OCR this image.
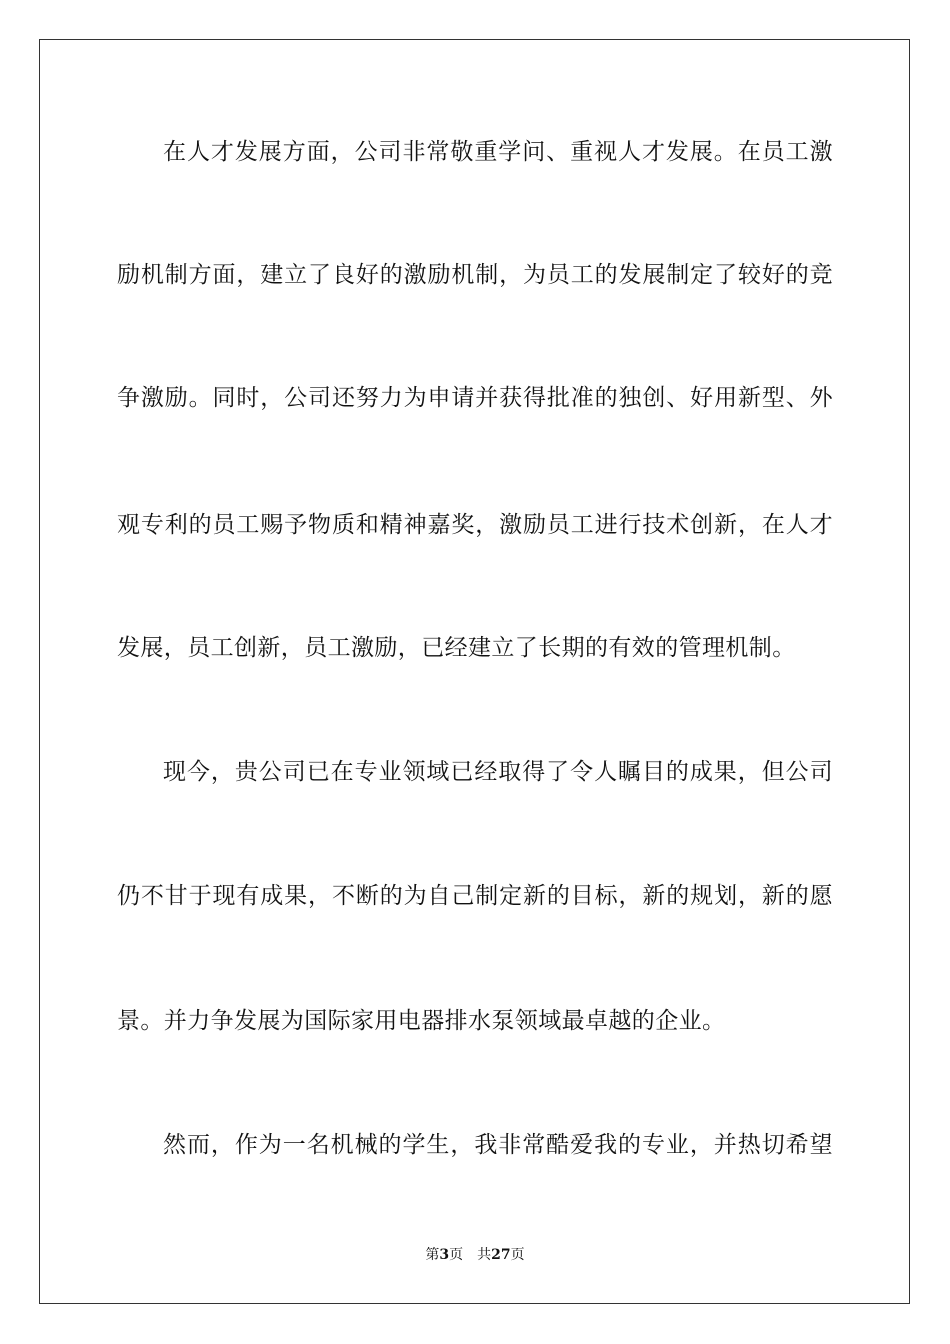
在人才发展方面，公司非常敬重学问、重视人才发展。在员工激
励机制方面，建立了良好的激励机制，为员工的发展制定了较好的竞
争激励。同时，公司还努力为申请并获得批准的独创、好用新型、外
观专利的员工赐予物质和精神嘉奖，激励员工进行技术创新，在人才
发展，员工创新，员工激励，已经建立了长期的有效的管理机制。
现今，贵公司已在专业领域已经取得了令人瞩目的成果，但公司
仍不甘于现有成果，不断的为自己制定新的目标，新的规划，新的愿
景。并力争发展为国际家用电器排水泵领域最卓越的企业。
然而，作为一名机械的学生，我非常酷爱我的专业，并热切希望
第3页 共27页
